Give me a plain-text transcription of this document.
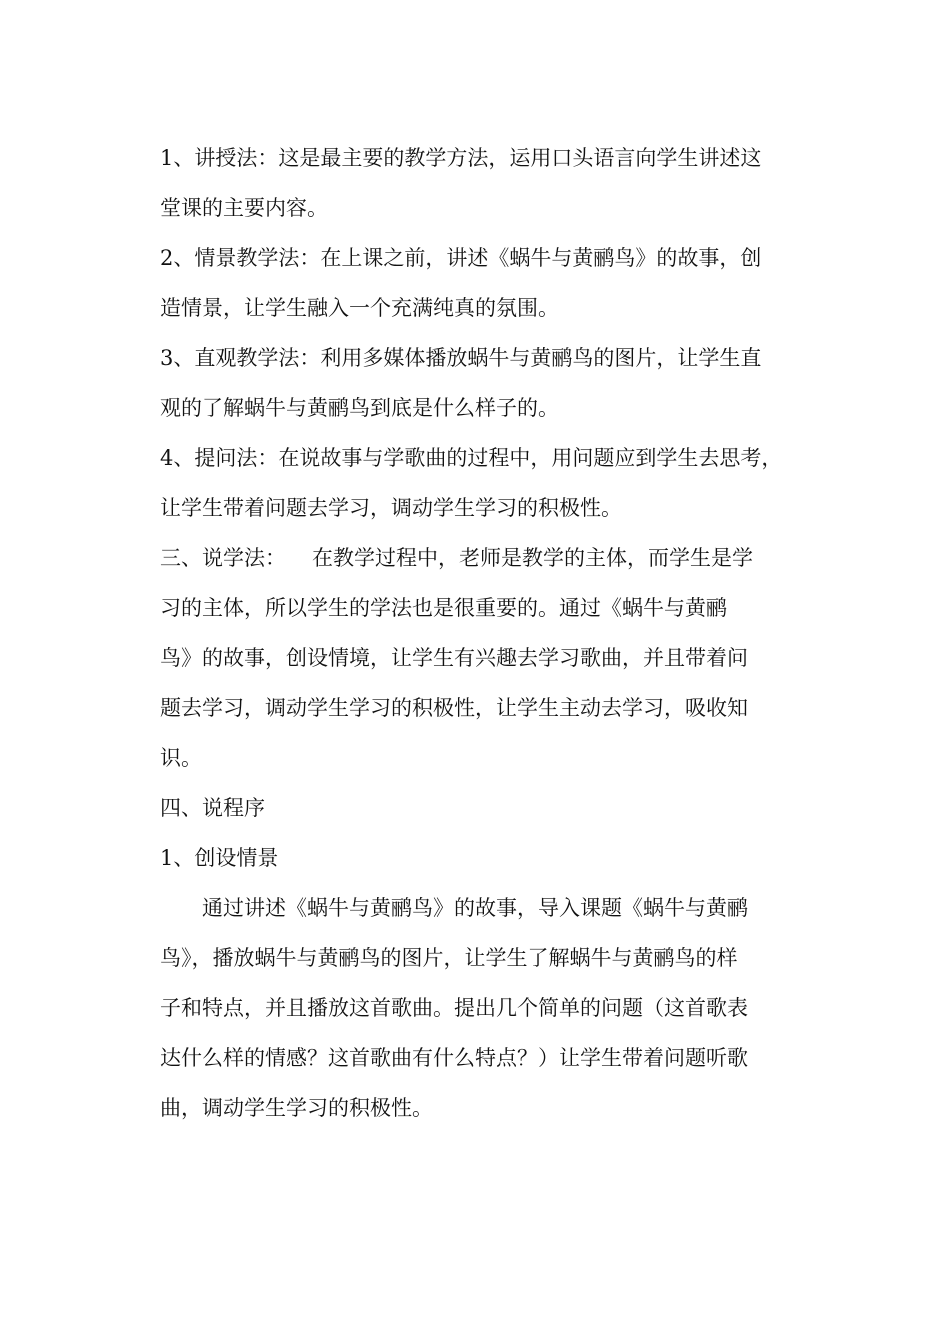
1、讲授法：这是最主要的教学方法，运用口头语言向学生讲述这
堂课的主要内容。
2、情景教学法：在上课之前，讲述《蜗牛与黄鹂鸟》的故事，创
造情景，让学生融入一个充满纯真的氛围。
3、直观教学法：利用多媒体播放蜗牛与黄鹂鸟的图片，让学生直
观的了解蜗牛与黄鹂鸟到底是什么样子的。
4、提问法：在说故事与学歌曲的过程中，用问题应到学生去思考，
让学生带着问题去学习，调动学生学习的积极性。
三、说学法： 在教学过程中，老师是教学的主体，而学生是学
习的主体，所以学生的学法也是很重要的。通过《蜗牛与黄鹂
鸟》的故事，创设情境，让学生有兴趣去学习歌曲，并且带着问
题去学习，调动学生学习的积极性，让学生主动去学习，吸收知
识。
四、说程序
1、创设情景
通过讲述《蜗牛与黄鹂鸟》的故事，导入课题《蜗牛与黄鹂
鸟》，播放蜗牛与黄鹂鸟的图片，让学生了解蜗牛与黄鹂鸟的样
子和特点，并且播放这首歌曲。提出几个简单的问题（这首歌表
达什么样的情感？这首歌曲有什么特点？）让学生带着问题听歌
曲，调动学生学习的积极性。
